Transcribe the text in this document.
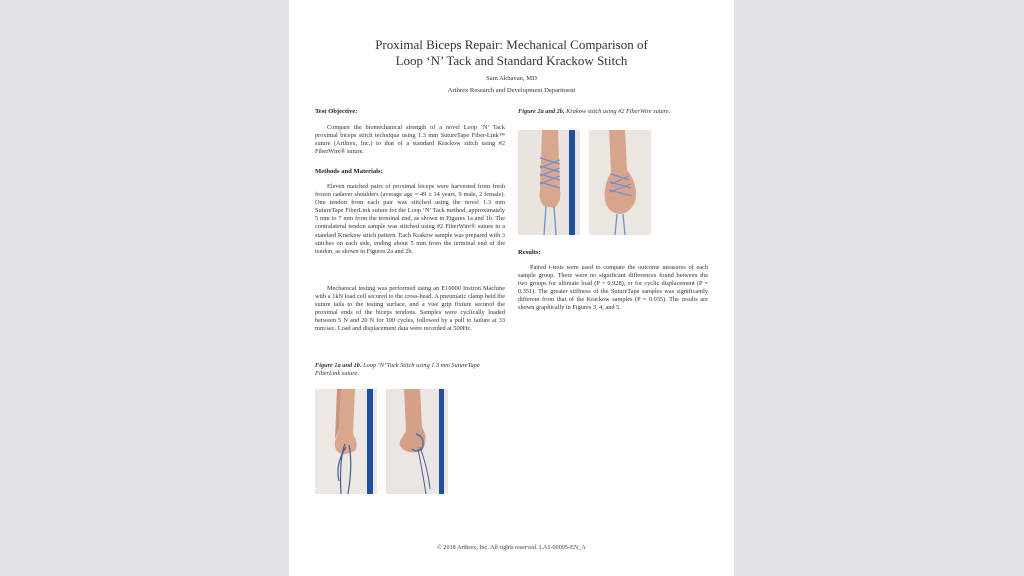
Proximal Biceps Repair: Mechanical Comparison of
Loop ‘N’ Tack and Standard Krackow Stitch
Sam Akhavan, MD
Arthrex Research and Development Department
Test Objective:
Compare the biomechanical strength of a novel Loop ‘N’ Tack proximal biceps stitch technique using 1.3 mm SutureTape Fiber-Link™ suture (Arthrex, Inc.) to that of a standard Krackow stitch using #2 FiberWire® suture.
Methods and Materials:
Eleven matched pairs of proximal biceps were harvested from fresh frozen cadaver shoulders (average age = 49 ± 14 years, 9 male, 2 female). One tendon from each pair was stitched using the novel 1.3 mm SutureTape FiberLink suture for the Loop ‘N’ Tack method, approximately 5 mm to 7 mm from the terminal end, as shown in Figures 1a and 1b. The contralateral tendon sample was stitched using #2 FiberWire® suture in a standard Krackow stitch pattern. Each Krakow sample was prepared with 3 stitches on each side, ending about 5 mm from the terminal end of the tendon, as shown in Figures 2a and 2b.
Mechanical testing was performed using an E10000 Instron Machine with a 1kN load cell secured to the cross-head. A pneumatic clamp held the suture tails to the testing surface, and a vise grip fixture secured the proximal ends of the biceps tendons. Samples were cyclically loaded between 5 N and 20 N for 100 cycles, followed by a pull to failure at 33 mm/sec. Load and displacement data were recorded at 500Hz.
Figure 1a and 1b. Loop ‘N’ Tack Stitch using 1.3 mm SutureTape FiberLink suture.
Figure 2a and 2b. Krakow stitch using #2 FiberWire suture.
Results:
Paired t-tests were used to compare the outcome measures of each sample group. There were no significant differences found between the two groups for ultimate load (P = 0.928), or for cyclic displacement (P = 0.351). The greater stiffness of the SutureTape samples was significantly different from that of the Krackow samples (P = 0.035). The results are shown graphically in Figures 3, 4, and 5.
© 2018 Arthrex, Inc. All rights reserved. LA1-00095-EN_A
